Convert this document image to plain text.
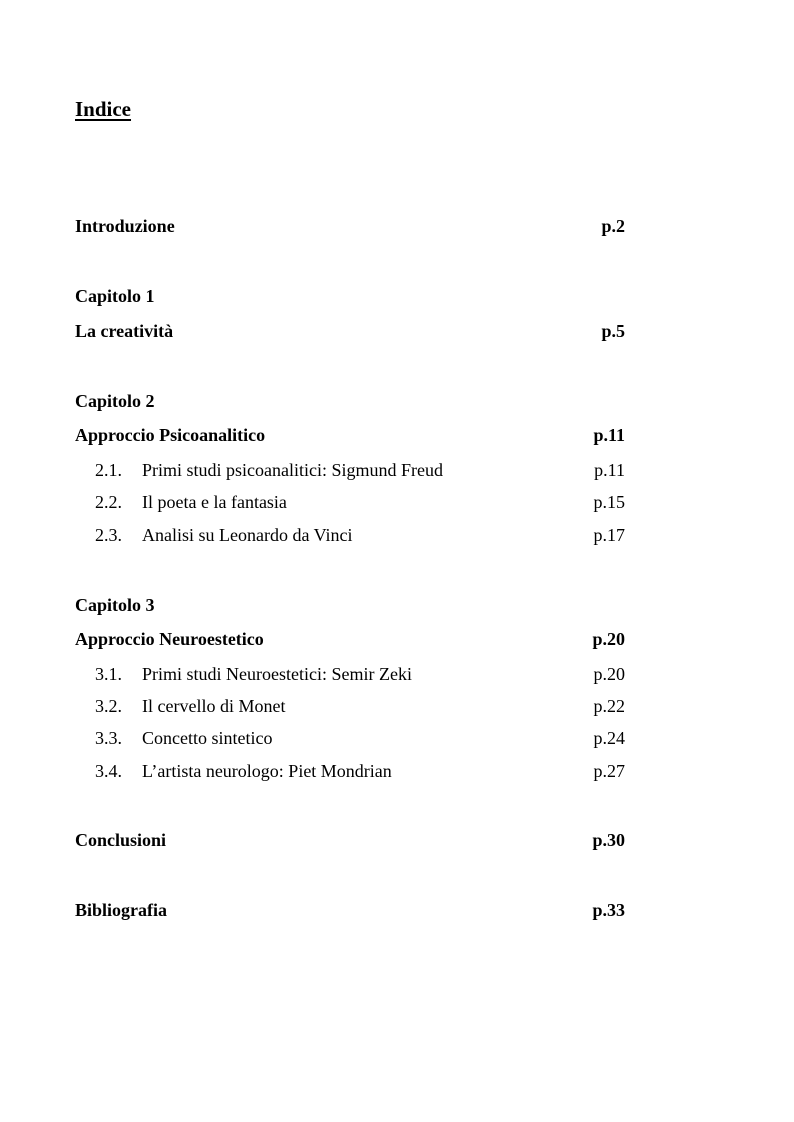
Indice
Introduzione	p.2
Capitolo 1
La creatività	p.5
Capitolo 2
Approccio Psicoanalitico	p.11
2.1. Primi studi psicoanalitici: Sigmund Freud	p.11
2.2. Il poeta e la fantasia	p.15
2.3. Analisi su Leonardo da Vinci	p.17
Capitolo 3
Approccio Neuroestetico	p.20
3.1. Primi studi Neuroestetici: Semir Zeki	p.20
3.2. Il cervello di Monet	p.22
3.3. Concetto sintetico	p.24
3.4. L’artista neurologo: Piet Mondrian	p.27
Conclusioni	p.30
Bibliografia	p.33
